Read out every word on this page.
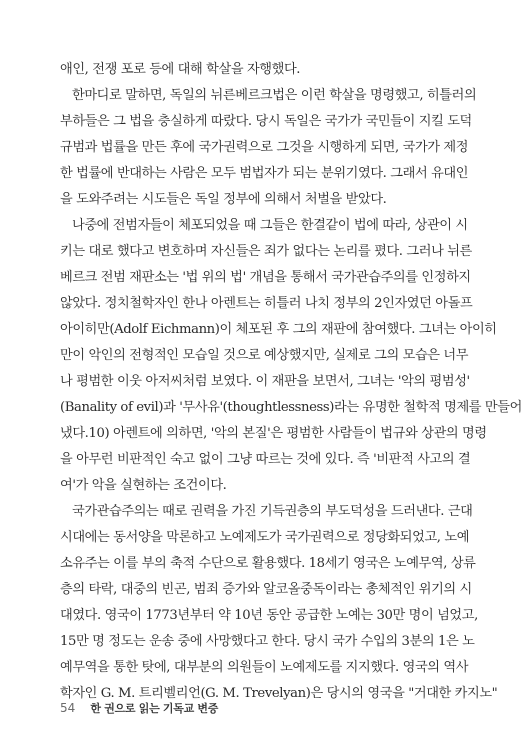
애인, 전쟁 포로 등에 대해 학살을 자행했다.
한마디로 말하면, 독일의 뉘른베르크법은 이런 학살을 명령했고, 히틀러의
부하들은 그 법을 충실하게 따랐다. 당시 독일은 국가가 국민들이 지킬 도덕
규범과 법률을 만든 후에 국가권력으로 그것을 시행하게 되면, 국가가 제정
한 법률에 반대하는 사람은 모두 범법자가 되는 분위기였다. 그래서 유대인
을 도와주려는 시도들은 독일 정부에 의해서 처벌을 받았다.
나중에 전범자들이 체포되었을 때 그들은 한결같이 법에 따라, 상관이 시
키는 대로 했다고 변호하며 자신들은 죄가 없다는 논리를 폈다. 그러나 뉘른
베르크 전범 재판소는 '법 위의 법' 개념을 통해서 국가관습주의를 인정하지
않았다. 정치철학자인 한나 아렌트는 히틀러 나치 정부의 2인자였던 아돌프
아이히만(Adolf Eichmann)이 체포된 후 그의 재판에 참여했다. 그녀는 아이히
만이 악인의 전형적인 모습일 것으로 예상했지만, 실제로 그의 모습은 너무
나 평범한 이웃 아저씨처럼 보였다. 이 재판을 보면서, 그녀는 '악의 평범성'
(Banality of evil)과 '무사유'(thoughtlessness)라는 유명한 철학적 명제를 만들어
냈다.10) 아렌트에 의하면, '악의 본질'은 평범한 사람들이 법규와 상관의 명령
을 아무런 비판적인 숙고 없이 그냥 따르는 것에 있다. 즉 '비판적 사고의 결
여'가 악을 실현하는 조건이다.
국가관습주의는 때로 권력을 가진 기득권층의 부도덕성을 드러낸다. 근대
시대에는 동서양을 막론하고 노예제도가 국가권력으로 정당화되었고, 노예
소유주는 이를 부의 축적 수단으로 활용했다. 18세기 영국은 노예무역, 상류
층의 타락, 대중의 빈곤, 범죄 증가와 알코올중독이라는 총체적인 위기의 시
대였다. 영국이 1773년부터 약 10년 동안 공급한 노예는 30만 명이 넘었고,
15만 명 정도는 운송 중에 사망했다고 한다. 당시 국가 수입의 3분의 1은 노
예무역을 통한 탓에, 대부분의 의원들이 노예제도를 지지했다. 영국의 역사
학자인 G. M. 트리벨리언(G. M. Trevelyan)은 당시의 영국을 "거대한 카지노"
54 한 권으로 읽는 기독교 변증
